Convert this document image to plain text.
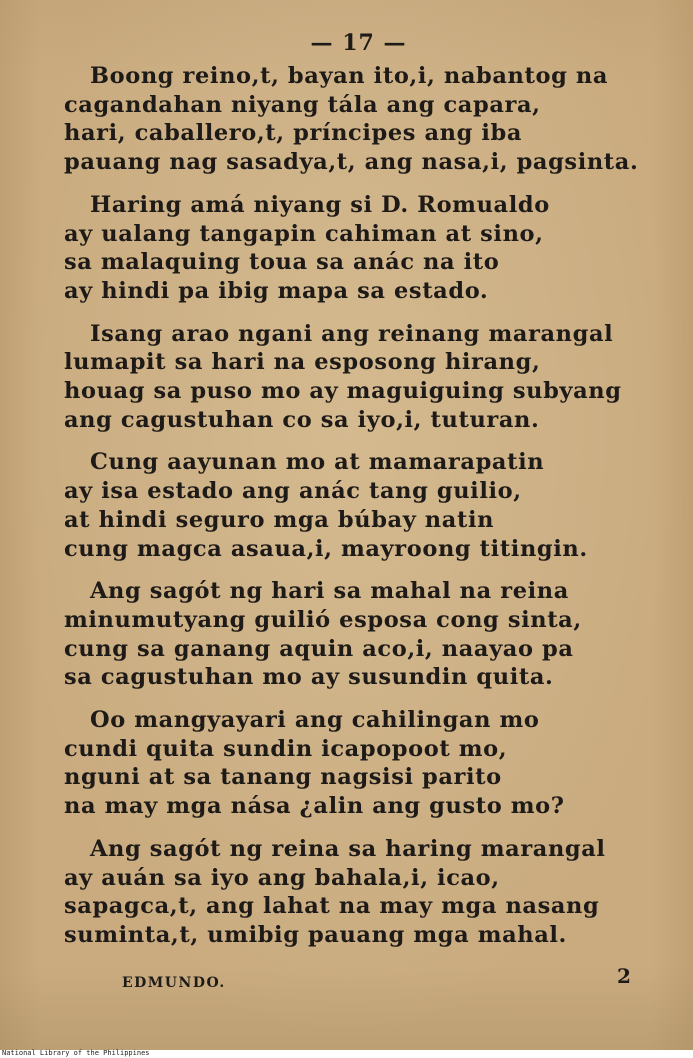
— 17 —
Boong reino,t, bayan ito,i, nabantog na
cagandahan niyang tála ang capara,
hari, caballero,t, príncipes ang iba
pauang nag sasadya,t, ang nasa,i, pagsinta.
Haring amá niyang si D. Romualdo
ay ualang tangapin cahiman at sino,
sa malaquing toua sa anác na ito
ay hindi pa ibig mapa sa estado.
Isang arao ngani ang reinang marangal
lumapit sa hari na esposong hirang,
houag sa puso mo ay maguiguing subyang
ang cagustuhan co sa iyo,i, tuturan.
Cung aayunan mo at mamarapatin
ay isa estado ang anác tang guilio,
at hindi seguro mga búbay natin
cung magca asaua,i, mayroong titingin.
Ang sagót ng hari sa mahal na reina
minumutyang guilió esposa cong sinta,
cung sa ganang aquin aco,i, naayao pa
sa cagustuhan mo ay susundin quita.
Oo mangyayari ang cahilingan mo
cundi quita sundin icapopoot mo,
nguni at sa tanang nagsisi parito
na may mga nása ¿alin ang gusto mo?
Ang sagót ng reina sa haring marangal
ay auán sa iyo ang bahala,i, icao,
sapagca,t, ang lahat na may mga nasang
suminta,t, umibig pauang mga mahal.
EDMUNDO.	2
National Library of the Philippines
